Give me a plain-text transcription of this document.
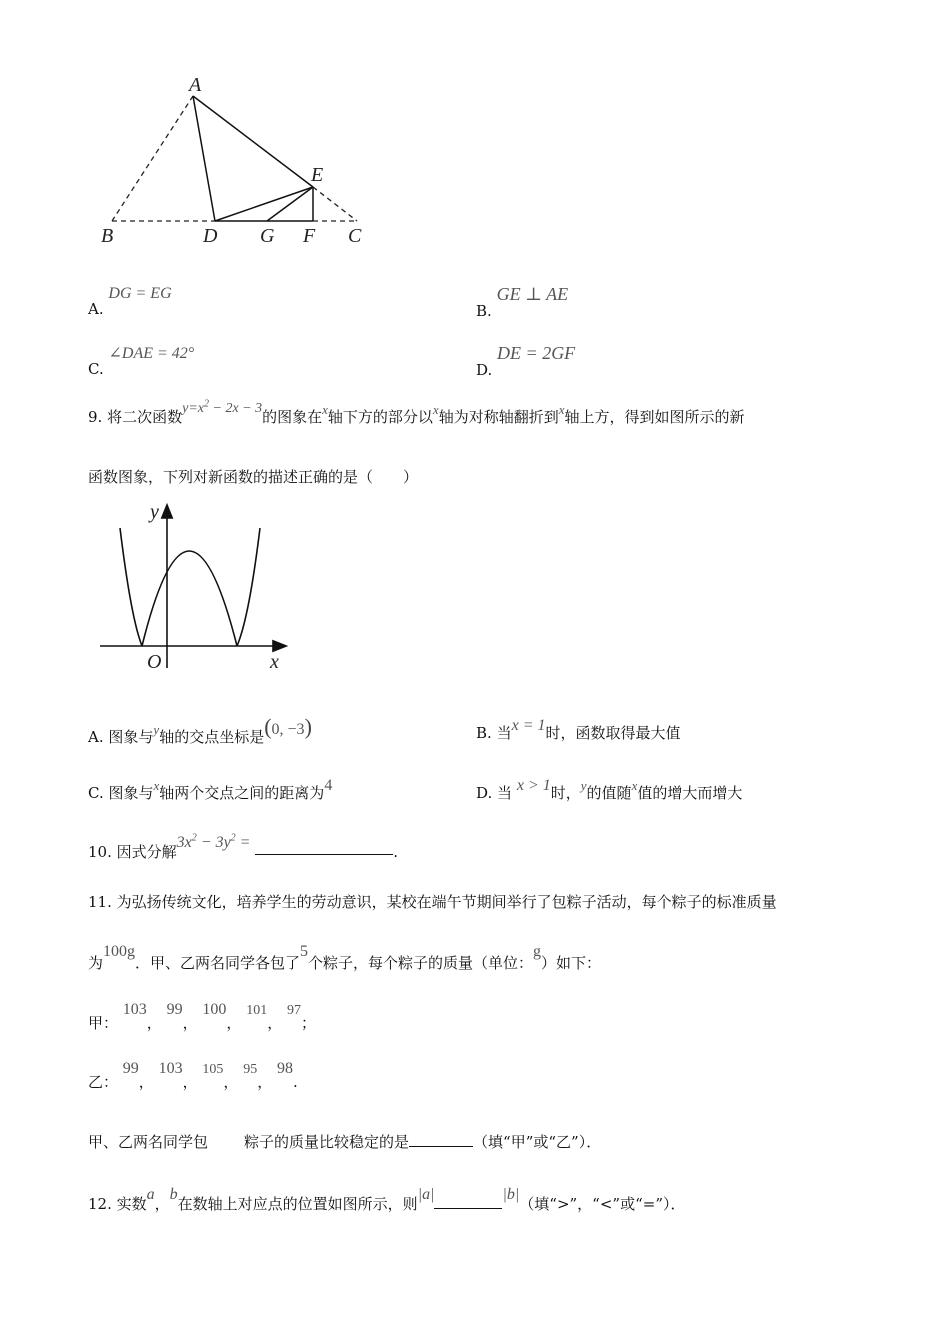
A
E
B	D G F C
A. DG = EG
B. GE ⊥ AE
C. ∠DAE = 42°
D. DE = 2GF
9. 将二次函数$y=x^2 - 2x - 3$的图象在x轴下方的部分以x轴为对称轴翻折到x轴上方，得到如图所示的新
函数图象，下列对新函数的描述正确的是（　　）
y
x
O
A. 图象与y轴的交点坐标是(0, −3)	B. 当x = 1时，函数取得最大值
C. 图象与x轴两个交点之间的距离为4	D. 当 x > 1时，y的值随x值的增大而增大
10. 因式分解$3x^2 - 3y^2$ = .
11. 为弘扬传统文化，培养学生的劳动意识，某校在端午节期间举行了包粽子活动，每个粽子的标准质量
为100g．甲、乙两名同学各包了5个粽子，每个粽子的质量（单位：g）如下：
甲： 103， 99， 100， 101， 97；
乙： 99， 103， 105， 95， 98.
甲、乙两名同学包 粽子的质量比较稳定的是	（填“甲”或“乙”）．
12. 实数a，b在数轴上对应点的位置如图所示，则|a|	|b|（填“>”，“<”或“=”）．
